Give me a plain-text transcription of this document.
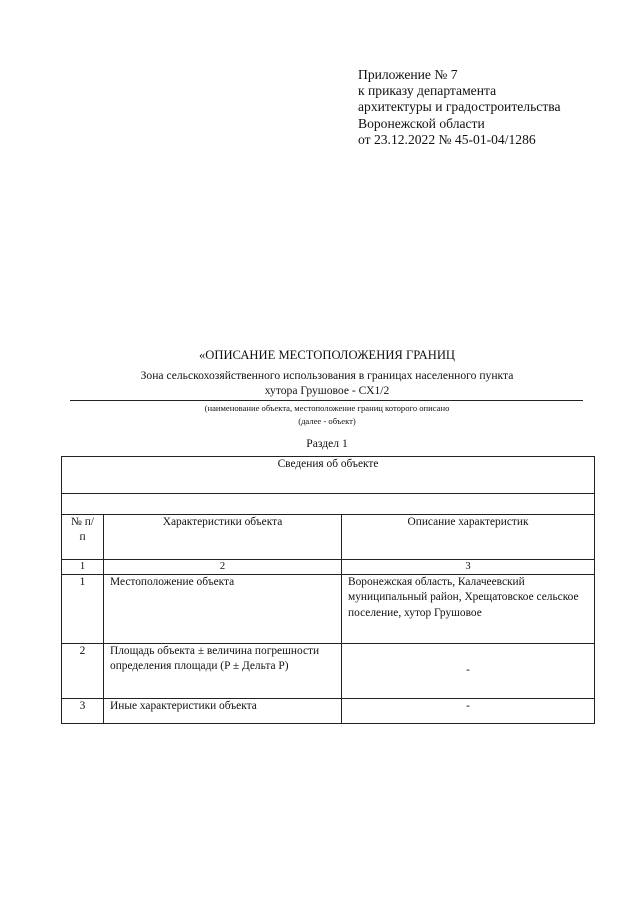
Приложение № 7
к приказу департамента
архитектуры и градостроительства
Воронежской области
от 23.12.2022 № 45-01-04/1286
«ОПИСАНИЕ МЕСТОПОЛОЖЕНИЯ ГРАНИЦ
Зона сельскохозяйственного использования в границах населенного пункта
хутора Грушовое - СХ1/2
(наименование объекта, местоположение границ которого описано
(далее - объект)
Раздел 1
Сведения об объекте		

№ п/п	Характеристики объекта	Описание характеристик
1	2	3
1	Местоположение объекта	Воронежская область, Калачеевский муниципальный район, Хрещатовское сельское поселение, хутор Грушовое
2	Площадь объекта ± величина погрешности определения площади (P ± Дельта P)	-
3	Иные характеристики объекта	-
